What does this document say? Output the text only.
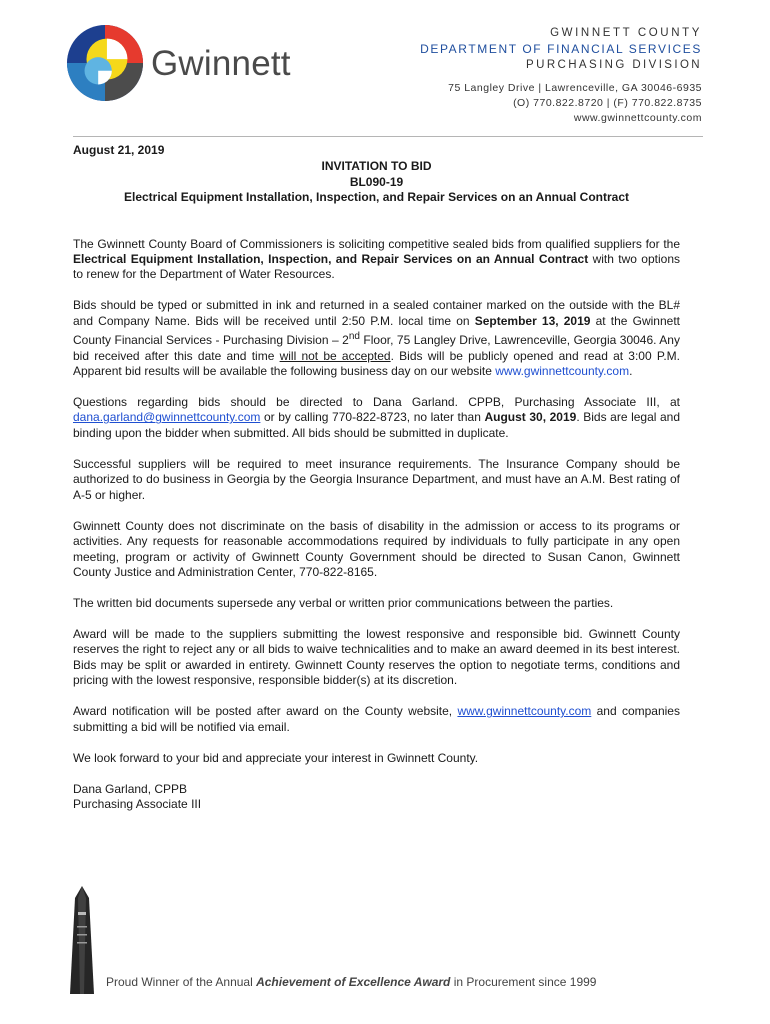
Gwinnett
GWINNETT COUNTY
DEPARTMENT OF FINANCIAL SERVICES
PURCHASING DIVISION
75 Langley Drive | Lawrenceville, GA 30046-6935
(O) 770.822.8720 | (F) 770.822.8735
www.gwinnettcounty.com
August 21, 2019
INVITATION TO BID
BL090-19
Electrical Equipment Installation, Inspection, and Repair Services on an Annual Contract

The Gwinnett County Board of Commissioners is soliciting competitive sealed bids from qualified suppliers for the Electrical Equipment Installation, Inspection, and Repair Services on an Annual Contract with two options to renew for the Department of Water Resources.

Bids should be typed or submitted in ink and returned in a sealed container marked on the outside with the BL# and Company Name. Bids will be received until 2:50 P.M. local time on September 13, 2019 at the Gwinnett County Financial Services - Purchasing Division – 2nd Floor, 75 Langley Drive, Lawrenceville, Georgia 30046. Any bid received after this date and time will not be accepted. Bids will be publicly opened and read at 3:00 P.M. Apparent bid results will be available the following business day on our website www.gwinnettcounty.com.

Questions regarding bids should be directed to Dana Garland. CPPB, Purchasing Associate III, at dana.garland@gwinnettcounty.com or by calling 770-822-8723, no later than August 30, 2019. Bids are legal and binding upon the bidder when submitted. All bids should be submitted in duplicate.

Successful suppliers will be required to meet insurance requirements. The Insurance Company should be authorized to do business in Georgia by the Georgia Insurance Department, and must have an A.M. Best rating of A-5 or higher.

Gwinnett County does not discriminate on the basis of disability in the admission or access to its programs or activities. Any requests for reasonable accommodations required by individuals to fully participate in any open meeting, program or activity of Gwinnett County Government should be directed to Susan Canon, Gwinnett County Justice and Administration Center, 770-822-8165.

The written bid documents supersede any verbal or written prior communications between the parties.

Award will be made to the suppliers submitting the lowest responsive and responsible bid. Gwinnett County reserves the right to reject any or all bids to waive technicalities and to make an award deemed in its best interest. Bids may be split or awarded in entirety. Gwinnett County reserves the option to negotiate terms, conditions and pricing with the lowest responsive, responsible bidder(s) at its discretion.

Award notification will be posted after award on the County website, www.gwinnettcounty.com and companies submitting a bid will be notified via email.

We look forward to your bid and appreciate your interest in Gwinnett County.

Dana Garland, CPPB
Purchasing Associate III
Proud Winner of the Annual Achievement of Excellence Award in Procurement since 1999
